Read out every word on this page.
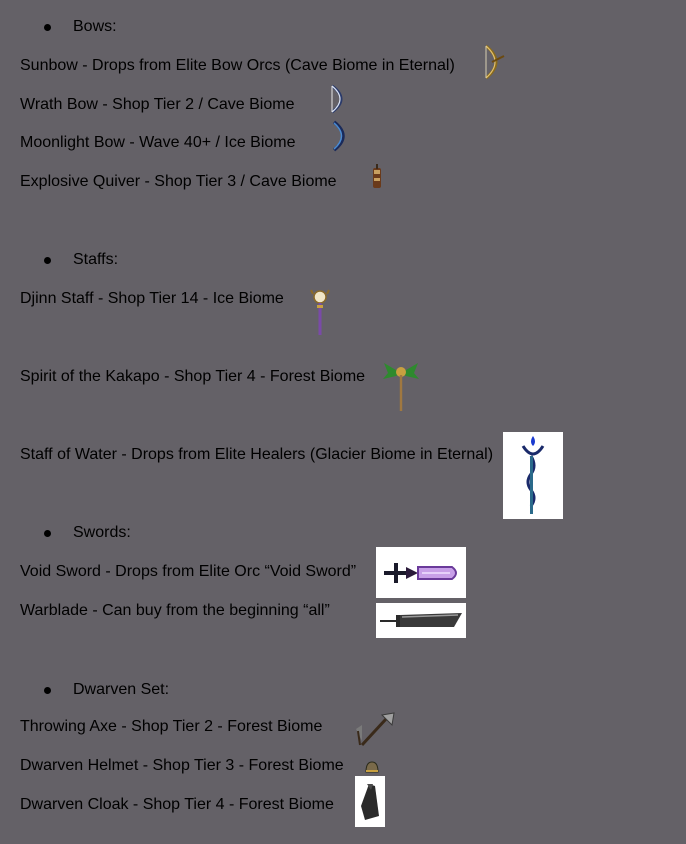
Bows:
Sunbow - Drops from Elite Bow Orcs (Cave Biome in Eternal)
Wrath Bow - Shop Tier 2 / Cave Biome
Moonlight Bow - Wave 40+ / Ice Biome
Explosive Quiver - Shop Tier 3 / Cave Biome
Staffs:
Djinn Staff - Shop Tier 14 - Ice Biome
Spirit of the Kakapo - Shop Tier 4 - Forest Biome
Staff of Water - Drops from Elite Healers (Glacier Biome in Eternal)
Swords:
Void Sword - Drops from Elite Orc “Void Sword”
Warblade - Can buy from the beginning “all”
Dwarven Set:
Throwing Axe - Shop Tier 2 - Forest Biome
Dwarven Helmet - Shop Tier 3 - Forest Biome
Dwarven Cloak - Shop Tier 4 - Forest Biome
